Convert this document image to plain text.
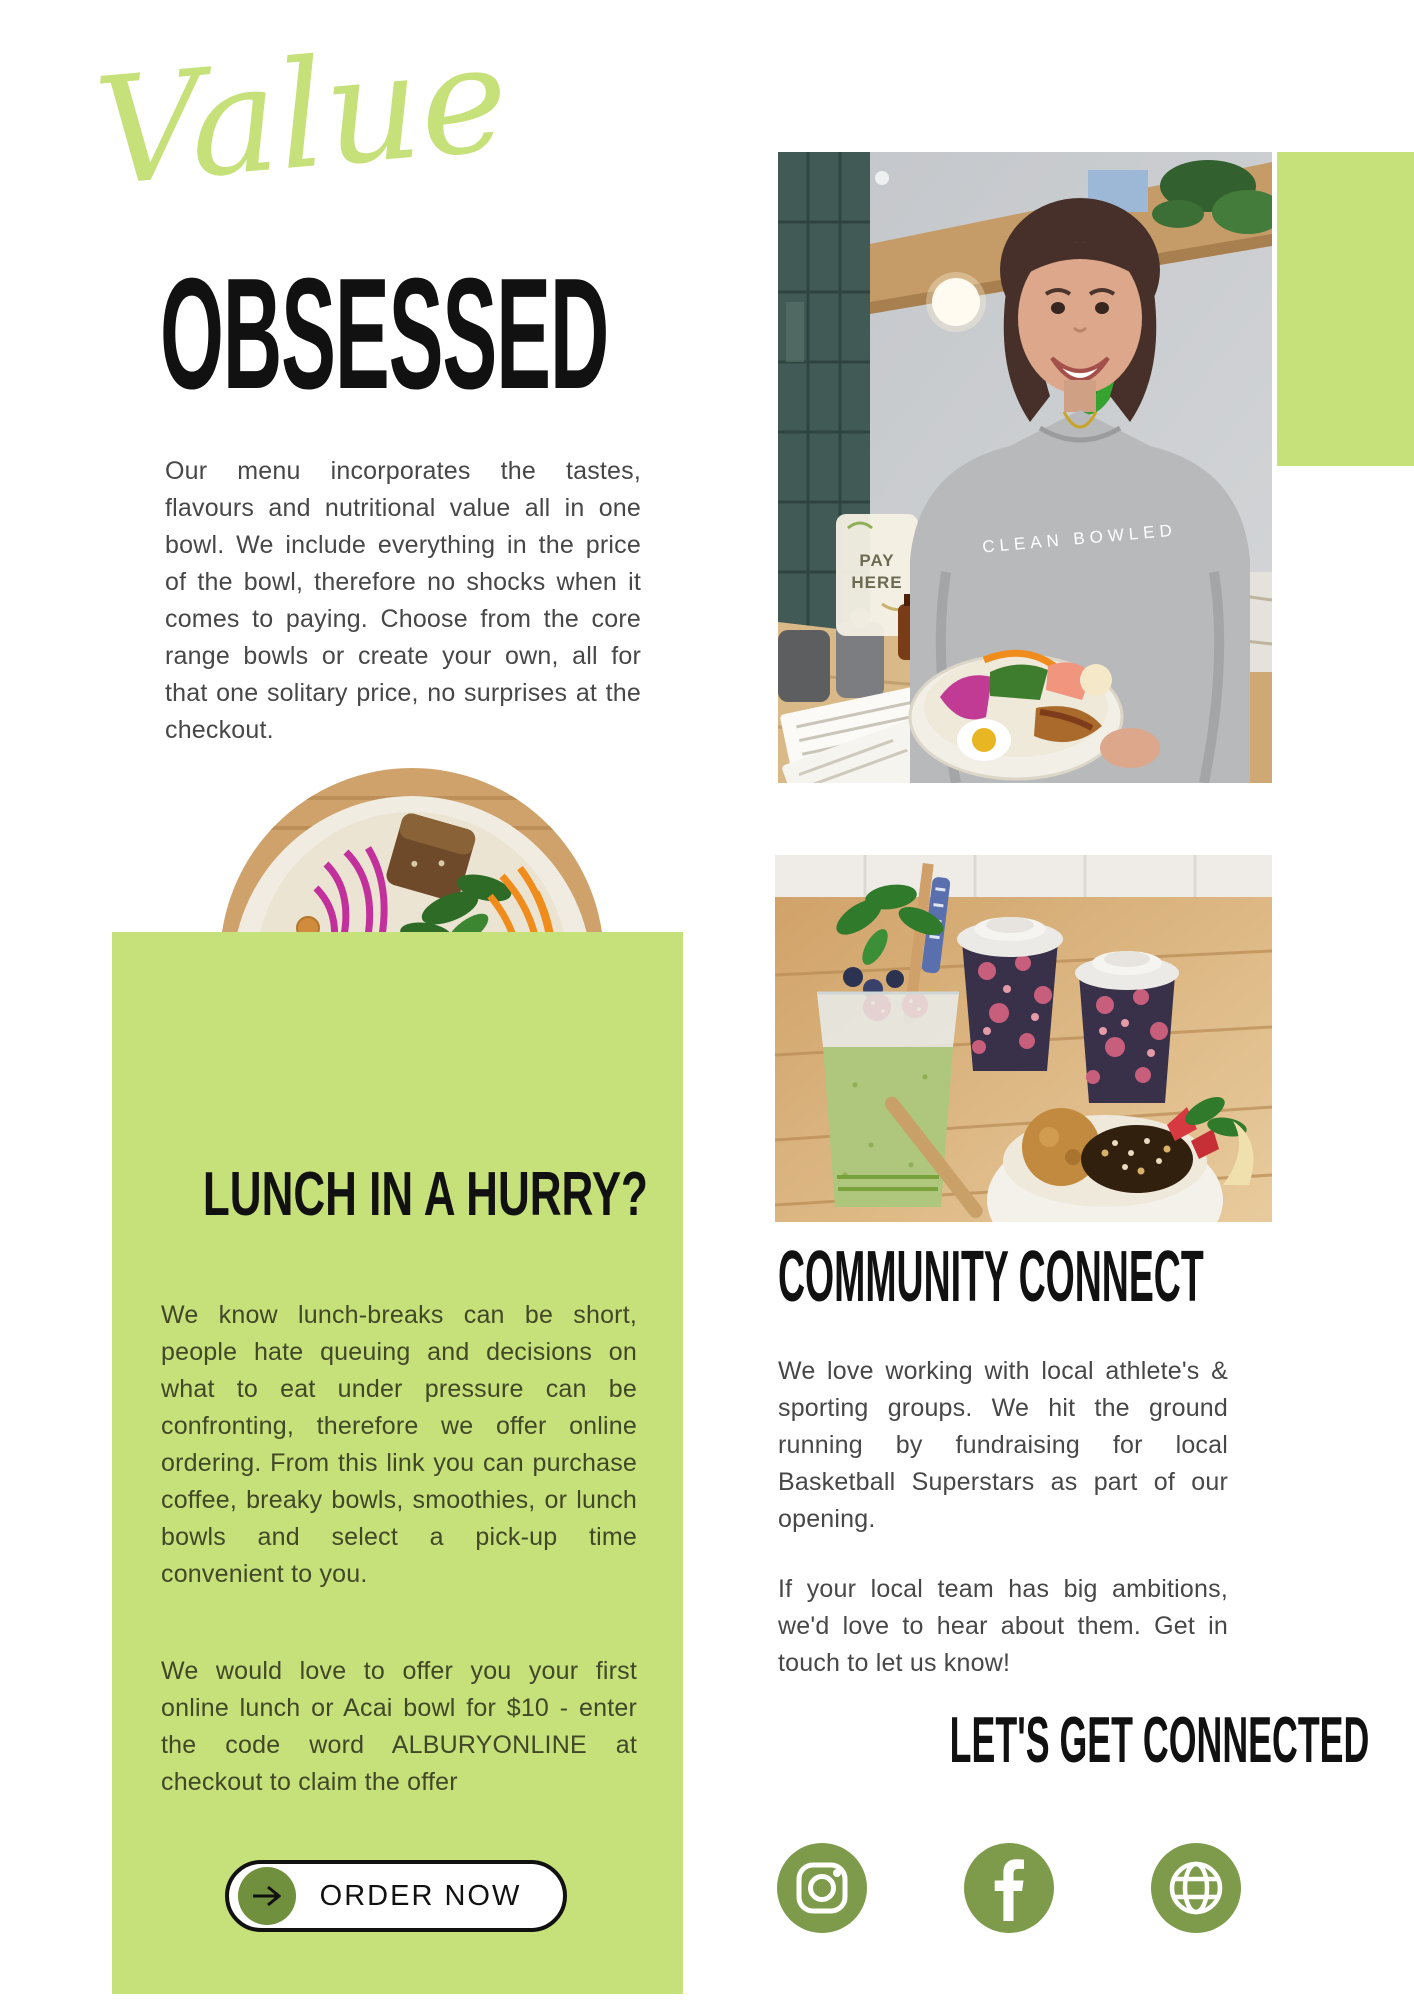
Value
OBSESSED

Our menu incorporates the tastes, flavours and nutritional value all in one bowl. We include everything in the price of the bowl, therefore no shocks when it comes to paying. Choose from the core range bowls or create your own, all for that one solitary price, no surprises at the checkout.

PAY
HERE
CLEAN BOWLED
LUNCH IN A HURRY?

We know lunch-breaks can be short, people hate queuing and decisions on what to eat under pressure can be confronting, therefore we offer online ordering. From this link you can purchase coffee, breaky bowls, smoothies, or lunch bowls and select a pick-up time convenient to you.

We would love to offer you your first online lunch or Acai bowl for $10 - enter the code word ALBURYONLINE at checkout to claim the offer

ORDER NOW
COMMUNITY CONNECT

We love working with local athlete's & sporting groups. We hit the ground running by fundraising for local Basketball Superstars as part of our opening.

If your local team has big ambitions, we'd love to hear about them. Get in touch to let us know!

LET'S GET CONNECTED
